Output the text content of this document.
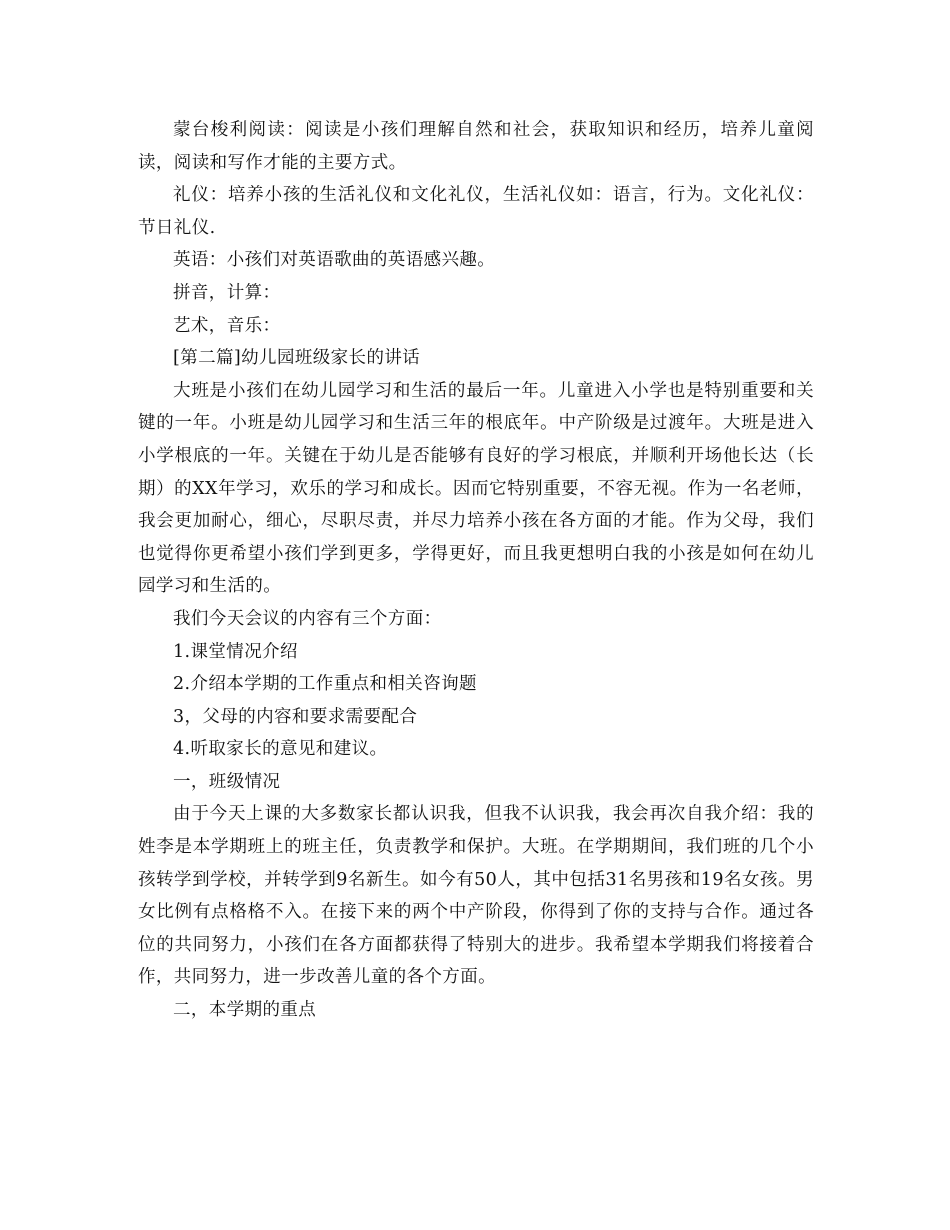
蒙台梭利阅读：阅读是小孩们理解自然和社会，获取知识和经历，培养儿童阅读，阅读和写作才能的主要方式。

礼仪：培养小孩的生活礼仪和文化礼仪，生活礼仪如：语言，行为。文化礼仪：节日礼仪.

英语：小孩们对英语歌曲的英语感兴趣。

拼音，计算：

艺术，音乐：

[第二篇]幼儿园班级家长的讲话

大班是小孩们在幼儿园学习和生活的最后一年。儿童进入小学也是特别重要和关键的一年。小班是幼儿园学习和生活三年的根底年。中产阶级是过渡年。大班是进入小学根底的一年。关键在于幼儿是否能够有良好的学习根底，并顺利开场他长达（长期）的XX年学习，欢乐的学习和成长。因而它特别重要，不容无视。作为一名老师，我会更加耐心，细心，尽职尽责，并尽力培养小孩在各方面的才能。作为父母，我们也觉得你更希望小孩们学到更多，学得更好，而且我更想明白我的小孩是如何在幼儿园学习和生活的。

我们今天会议的内容有三个方面：

1.课堂情况介绍

2.介绍本学期的工作重点和相关咨询题

3，父母的内容和要求需要配合

4.听取家长的意见和建议。

一，班级情况

由于今天上课的大多数家长都认识我，但我不认识我，我会再次自我介绍：我的姓李是本学期班上的班主任，负责教学和保护。大班。在学期期间，我们班的几个小孩转学到学校，并转学到9名新生。如今有50人，其中包括31名男孩和19名女孩。男女比例有点格格不入。在接下来的两个中产阶段，你得到了你的支持与合作。通过各位的共同努力，小孩们在各方面都获得了特别大的进步。我希望本学期我们将接着合作，共同努力，进一步改善儿童的各个方面。

二，本学期的重点
